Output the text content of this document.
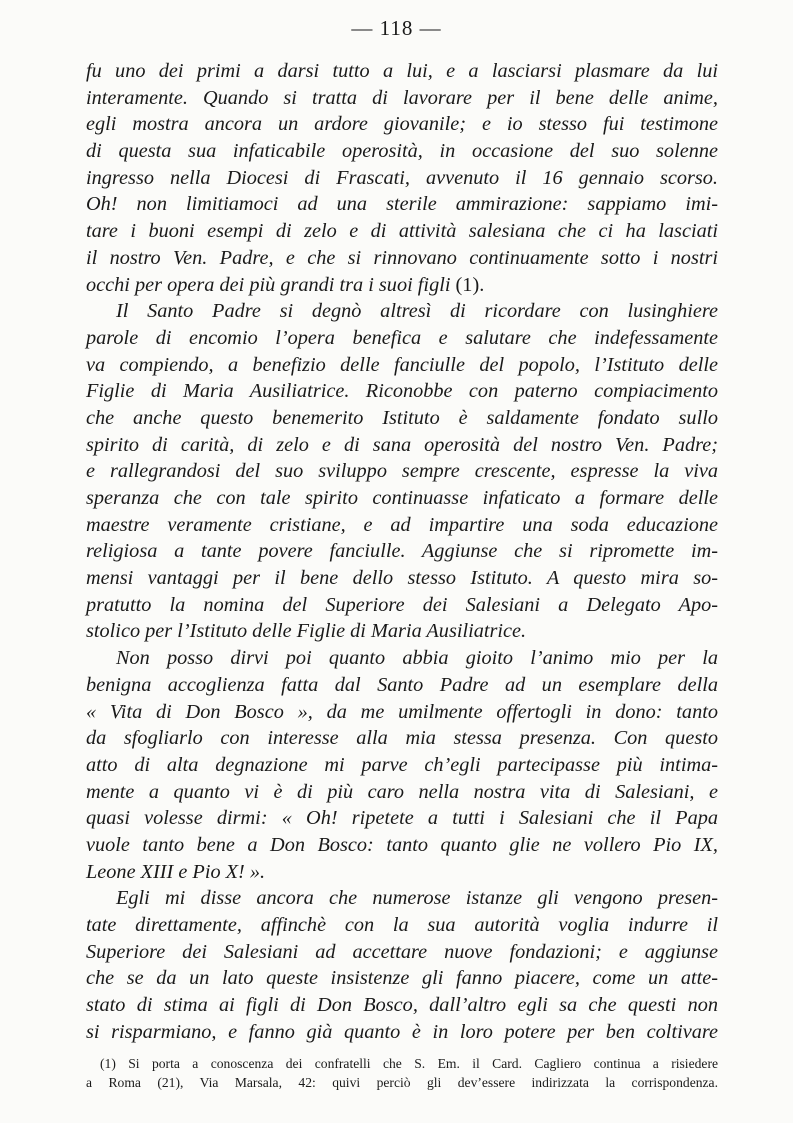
— 118 —
fu uno dei primi a darsi tutto a lui, e a lasciarsi plasmare da lui
interamente. Quando si tratta di lavorare per il bene delle anime,
egli mostra ancora un ardore giovanile; e io stesso fui testimone
di questa sua infaticabile operosità, in occasione del suo solenne
ingresso nella Diocesi di Frascati, avvenuto il 16 gennaio scorso.
Oh! non limitiamoci ad una sterile ammirazione: sappiamo imi-
tare i buoni esempi di zelo e di attività salesiana che ci ha lasciati
il nostro Ven. Padre, e che si rinnovano continuamente sotto i nostri
occhi per opera dei più grandi tra i suoi figli (1).
Il Santo Padre si degnò altresì di ricordare con lusinghiere
parole di encomio l’opera benefica e salutare che indefessamente
va compiendo, a benefizio delle fanciulle del popolo, l’Istituto delle
Figlie di Maria Ausiliatrice. Riconobbe con paterno compiacimento
che anche questo benemerito Istituto è saldamente fondato sullo
spirito di carità, di zelo e di sana operosità del nostro Ven. Padre;
e rallegrandosi del suo sviluppo sempre crescente, espresse la viva
speranza che con tale spirito continuasse infaticato a formare delle
maestre veramente cristiane, e ad impartire una soda educazione
religiosa a tante povere fanciulle. Aggiunse che si ripromette im-
mensi vantaggi per il bene dello stesso Istituto. A questo mira so-
pratutto la nomina del Superiore dei Salesiani a Delegato Apo-
stolico per l’Istituto delle Figlie di Maria Ausiliatrice.
Non posso dirvi poi quanto abbia gioito l’animo mio per la
benigna accoglienza fatta dal Santo Padre ad un esemplare della
« Vita di Don Bosco », da me umilmente offertogli in dono: tanto
da sfogliarlo con interesse alla mia stessa presenza. Con questo
atto di alta degnazione mi parve ch’egli partecipasse più intima-
mente a quanto vi è di più caro nella nostra vita di Salesiani, e
quasi volesse dirmi: « Oh! ripetete a tutti i Salesiani che il Papa
vuole tanto bene a Don Bosco: tanto quanto glie ne vollero Pio IX,
Leone XIII e Pio X! ».
Egli mi disse ancora che numerose istanze gli vengono presen-
tate direttamente, affinchè con la sua autorità voglia indurre il
Superiore dei Salesiani ad accettare nuove fondazioni; e aggiunse
che se da un lato queste insistenze gli fanno piacere, come un atte-
stato di stima ai figli di Don Bosco, dall’altro egli sa che questi non
si risparmiano, e fanno già quanto è in loro potere per ben coltivare
(1) Si porta a conoscenza dei confratelli che S. Em. il Card. Cagliero continua a risiedere
a Roma (21), Via Marsala, 42: quivi perciò gli dev’essere indirizzata la corrispondenza.
